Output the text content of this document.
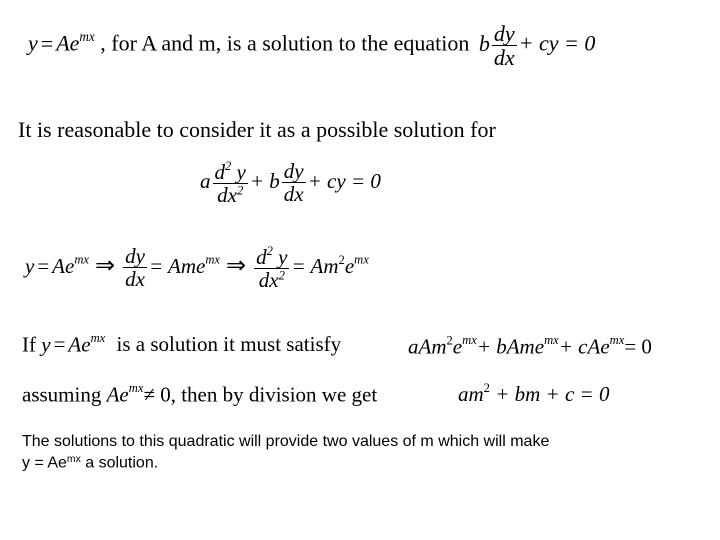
$y = Ae^{mx}$ , for A and m, is a solution to the equation b $\frac{dy}{dx}$ + cy = 0
It is reasonable to consider it as a possible solution for
a $\frac{d^2 y}{dx^2} + b \frac{dy}{dx}$ + cy = 0
$y = Ae^{mx}$ ⇒ $\frac{dy}{dx} = Ame^{mx}$ ⇒ $\frac{d^2 y}{dx^2} = Am^2e^{mx}$
If $y = Ae^{mx}$ is a solution it must satisfy	$aAm^2e^{mx}+$ bAme$^{mx}$+ cAe$^{mx}$= 0
assuming $Ae^{mx}\ne 0$, then by division we get	$am^2$ + bm + c = 0
The solutions to this quadratic will provide two values of m which will make
$y = Ae^{mx}$ a solution.
